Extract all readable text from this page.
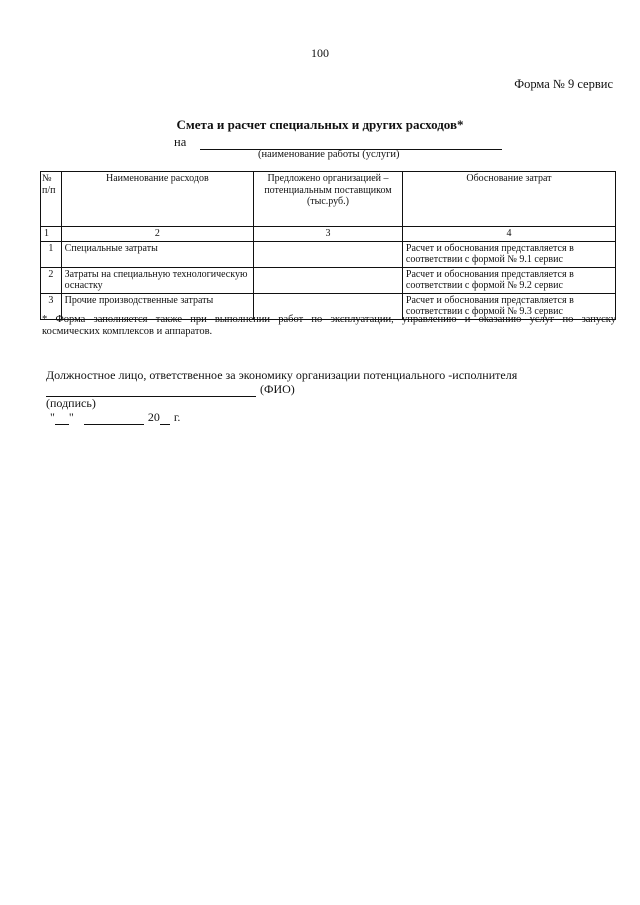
100
Форма № 9 сервис
Смета и расчет специальных и других расходов*
на
(наименование работы (услуги)
№ п/п	Наименование расходов	Предложено организацией – потенциальным поставщиком (тыс.руб.)	Обоснование затрат
1	2	3	4
1	Специальные затраты		Расчет и обоснования представляется в соответствии с формой № 9.1 сервис
2	Затраты на специальную технологическую оснастку		Расчет и обоснования представляется в соответствии с формой № 9.2 сервис
3	Прочие производственные затраты		Расчет и обоснования представляется в соответствии с формой № 9.3 сервис
* Форма заполняется также при выполнении работ по эксплуатации, управлению и оказанию услуг по запуску
космических комплексов и аппаратов.
Должностное лицо, ответственное за экономику организации потенциального -исполнителя
(ФИО)
(подпись)
" "	20 г.
